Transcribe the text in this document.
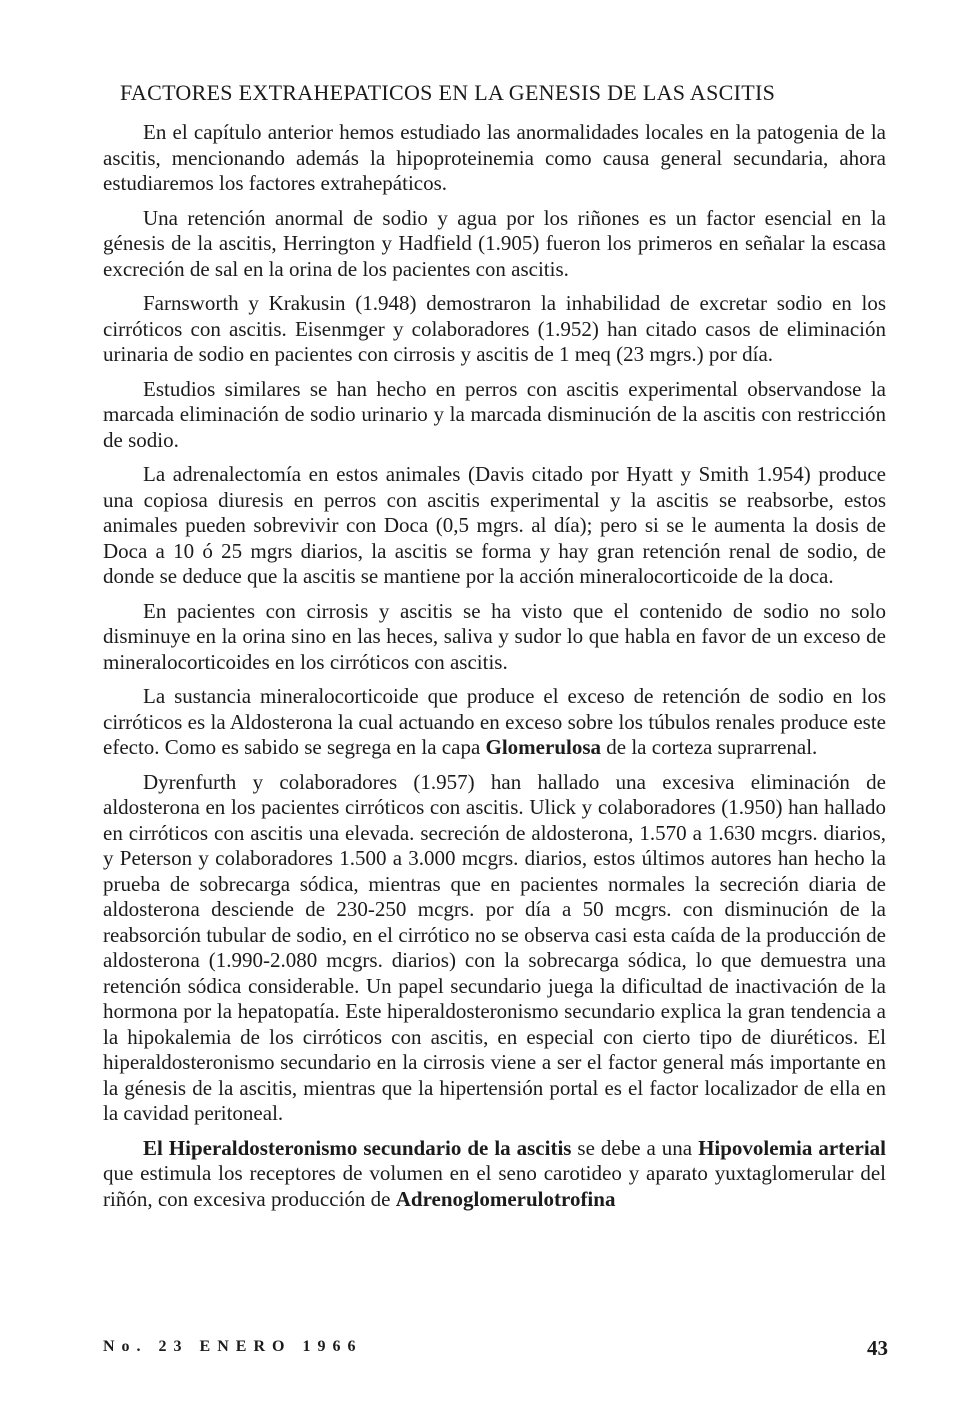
FACTORES EXTRAHEPATICOS EN LA GENESIS DE LAS ASCITIS

En el capítulo anterior hemos estudiado las anormalidades locales en la patogenia de la ascitis, mencionando además la hipoproteinemia como causa general secundaria, ahora estudiaremos los factores extrahepáticos.

Una retención anormal de sodio y agua por los riñones es un factor esencial en la génesis de la ascitis, Herrington y Hadfield (1.905) fueron los primeros en señalar la escasa excreción de sal en la orina de los pacientes con ascitis.

Farnsworth y Krakusin (1.948) demostraron la inhabilidad de excretar sodio en los cirróticos con ascitis. Eisenmger y colaboradores (1.952) han citado casos de eliminación urinaria de sodio en pacientes con cirrosis y ascitis de 1 meq (23 mgrs.) por día.

Estudios similares se han hecho en perros con ascitis experimental observandose la marcada eliminación de sodio urinario y la marcada disminución de la ascitis con restricción de sodio.

La adrenalectomía en estos animales (Davis citado por Hyatt y Smith 1.954) produce una copiosa diuresis en perros con ascitis experimental y la ascitis se reabsorbe, estos animales pueden sobrevivir con Doca (0,5 mgrs. al día); pero si se le aumenta la dosis de Doca a 10 ó 25 mgrs diarios, la ascitis se forma y hay gran retención renal de sodio, de donde se deduce que la ascitis se mantiene por la acción mineralocorticoide de la doca.

En pacientes con cirrosis y ascitis se ha visto que el contenido de sodio no solo disminuye en la orina sino en las heces, saliva y sudor lo que habla en favor de un exceso de mineralocorticoides en los cirróticos con ascitis.

La sustancia mineralocorticoide que produce el exceso de retención de sodio en los cirróticos es la Aldosterona la cual actuando en exceso sobre los túbulos renales produce este efecto. Como es sabido se segrega en la capa Glomerulosa de la corteza suprarrenal.

Dyrenfurth y colaboradores (1.957) han hallado una excesiva eliminación de aldosterona en los pacientes cirróticos con ascitis. Ulick y colaboradores (1.950) han hallado en cirróticos con ascitis una elevada. secreción de aldosterona, 1.570 a 1.630 mcgrs. diarios, y Peterson y colaboradores 1.500 a 3.000 mcgrs. diarios, estos últimos autores han hecho la prueba de sobrecarga sódica, mientras que en pacientes normales la secreción diaria de aldosterona desciende de 230-250 mcgrs. por día a 50 mcgrs. con disminución de la reabsorción tubular de sodio, en el cirrótico no se observa casi esta caída de la producción de aldosterona (1.990-2.080 mcgrs. diarios) con la sobrecarga sódica, lo que demuestra una retención sódica considerable. Un papel secundario juega la dificultad de inactivación de la hormona por la hepatopatía. Este hiperaldosteronismo secundario explica la gran tendencia a la hipokalemia de los cirróticos con ascitis, en especial con cierto tipo de diuréticos. El hiperaldosteronismo secundario en la cirrosis viene a ser el factor general más importante en la génesis de la ascitis, mientras que la hipertensión portal es el factor localizador de ella en la cavidad peritoneal.

El Hiperaldosteronismo secundario de la ascitis se debe a una Hipovolemia arterial que estimula los receptores de volumen en el seno carotideo y aparato yuxtaglomerular del riñón, con excesiva producción de Adrenoglomerulotrofina

No. 23 ENERO 1966	43
